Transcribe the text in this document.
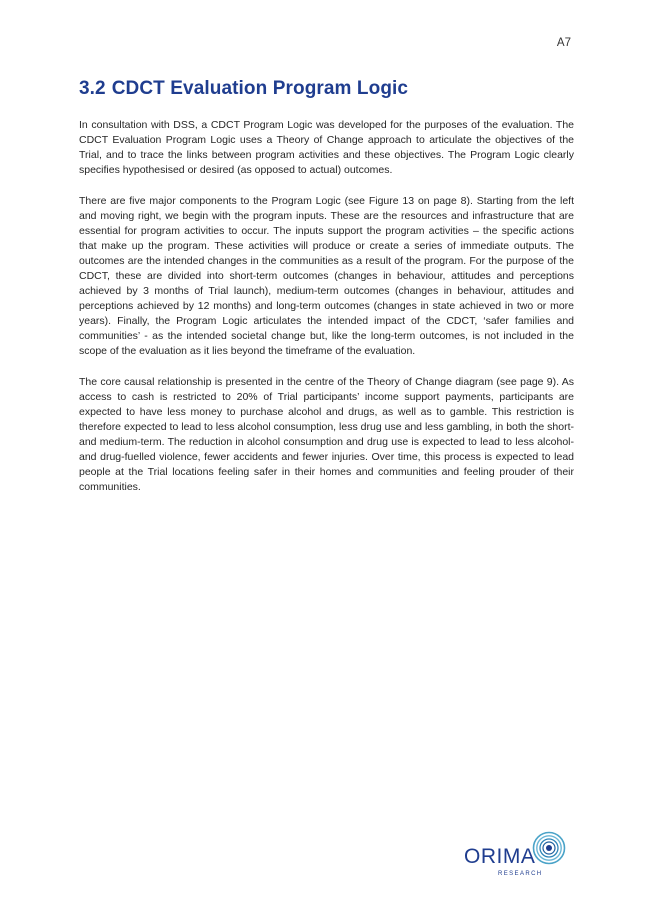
A7
3.2 CDCT Evaluation Program Logic

In consultation with DSS, a CDCT Program Logic was developed for the purposes of the evaluation. The CDCT Evaluation Program Logic uses a Theory of Change approach to articulate the objectives of the Trial, and to trace the links between program activities and these objectives. The Program Logic clearly specifies hypothesised or desired (as opposed to actual) outcomes.

There are five major components to the Program Logic (see Figure 13 on page 8). Starting from the left and moving right, we begin with the program inputs. These are the resources and infrastructure that are essential for program activities to occur. The inputs support the program activities – the specific actions that make up the program. These activities will produce or create a series of immediate outputs. The outcomes are the intended changes in the communities as a result of the program. For the purpose of the CDCT, these are divided into short-term outcomes (changes in behaviour, attitudes and perceptions achieved by 3 months of Trial launch), medium-term outcomes (changes in behaviour, attitudes and perceptions achieved by 12 months) and long-term outcomes (changes in state achieved in two or more years). Finally, the Program Logic articulates the intended impact of the CDCT, ‘safer families and communities’ - as the intended societal change but, like the long-term outcomes, is not included in the scope of the evaluation as it lies beyond the timeframe of the evaluation.

The core causal relationship is presented in the centre of the Theory of Change diagram (see page 9). As access to cash is restricted to 20% of Trial participants’ income support payments, participants are expected to have less money to purchase alcohol and drugs, as well as to gamble. This restriction is therefore expected to lead to less alcohol consumption, less drug use and less gambling, in both the short- and medium-term. The reduction in alcohol consumption and drug use is expected to lead to less alcohol- and drug-fuelled violence, fewer accidents and fewer injuries. Over time, this process is expected to lead people at the Trial locations feeling safer in their homes and communities and feeling prouder of their communities.

ORIMA
RESEARCH
